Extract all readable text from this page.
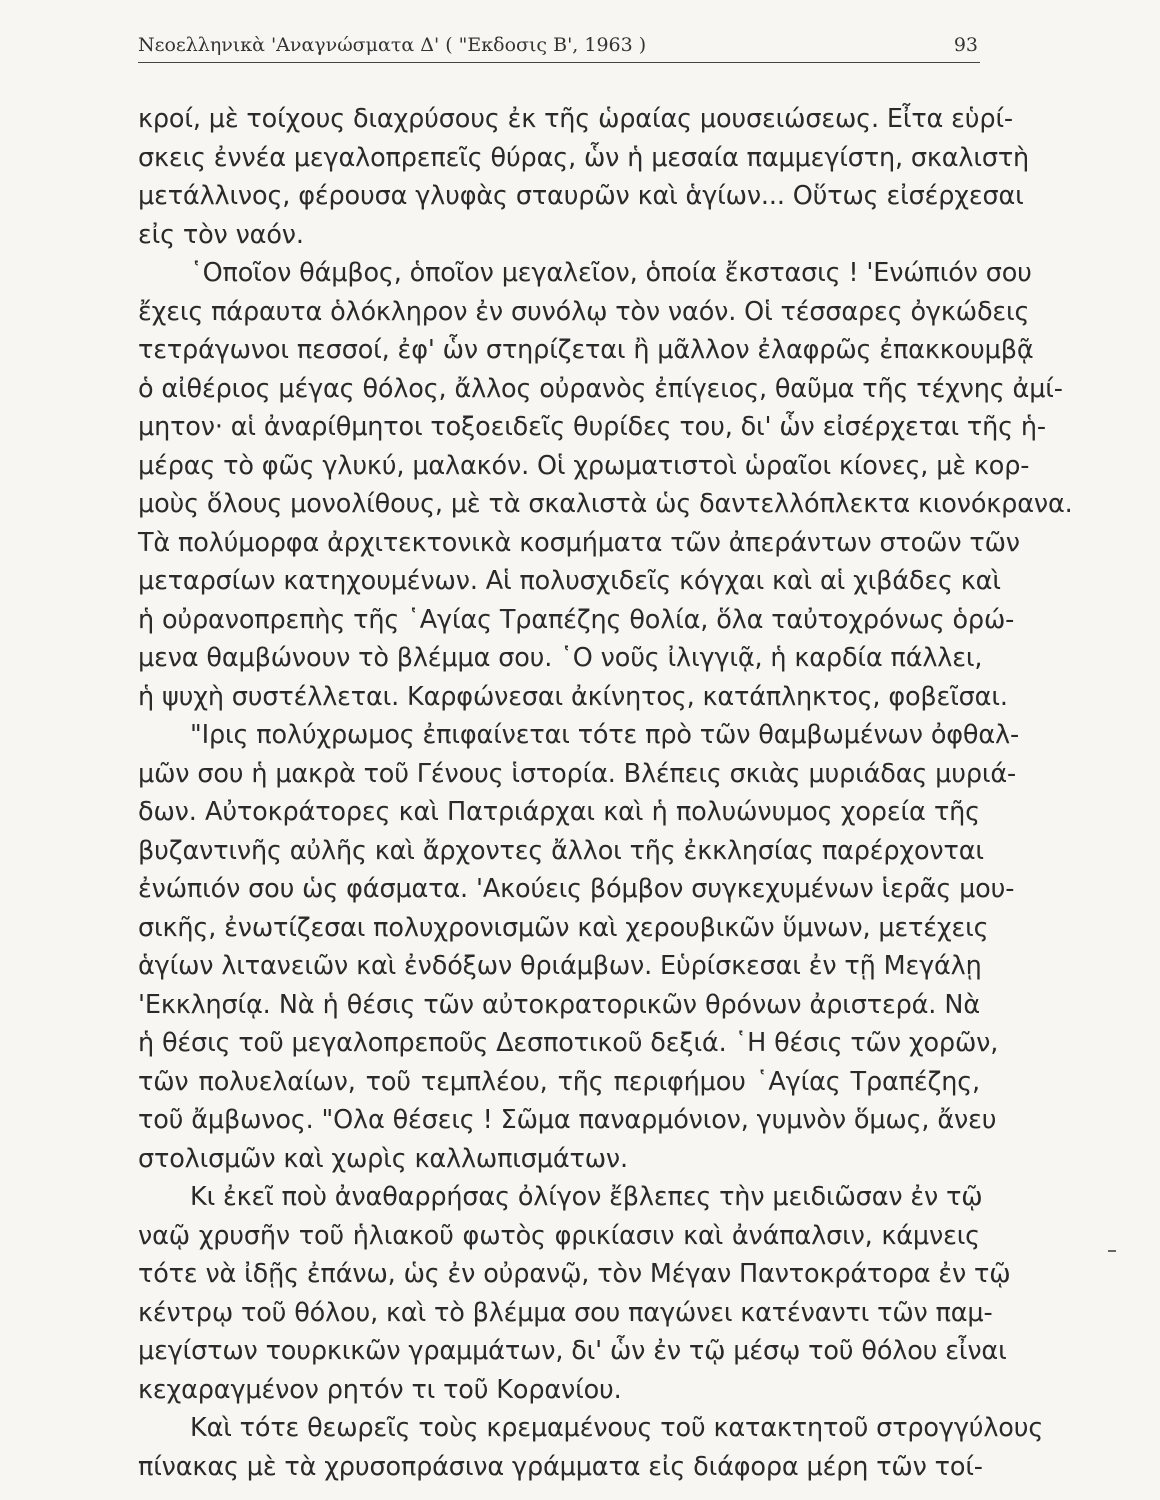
Νεοελληνικὰ 'Αναγνώσματα Δ' ( "Εκδοσις Β', 1963 )	93

κροί, μὲ τοίχους διαχρύσους ἐκ τῆς ὡραίας μουσειώσεως. Εἶτα εὑρί-
σκεις ἐννέα μεγαλοπρεπεῖς θύρας, ὧν ἡ μεσαία παμμεγίστη, σκαλιστὴ
μετάλλινος, φέρουσα γλυφὰς σταυρῶν καὶ ἁγίων... Οὕτως εἰσέρχεσαι
εἰς τὸν ναόν.

῾Οποῖον θάμβος, ὁποῖον μεγαλεῖον, ὁποία ἔκστασις ! 'Ενώπιόν σου
ἔχεις πάραυτα ὁλόκληρον ἐν συνόλῳ τὸν ναόν. Οἱ τέσσαρες ὀγκώδεις
τετράγωνοι πεσσοί, ἐφ' ὧν στηρίζεται ἢ μᾶλλον ἐλαφρῶς ἐπακκουμβᾷ
ὁ αἰθέριος μέγας θόλος, ἄλλος οὐρανὸς ἐπίγειος, θαῦμα τῆς τέχνης ἀμί-
μητον· αἱ ἀναρίθμητοι τοξοειδεῖς θυρίδες του, δι' ὧν εἰσέρχεται τῆς ἡ-
μέρας τὸ φῶς γλυκύ, μαλακόν. Οἱ χρωματιστοὶ ὡραῖοι κίονες, μὲ κορ-
μοὺς ὅλους μονολίθους, μὲ τὰ σκαλιστὰ ὡς δαντελλόπλεκτα κιονόκρανα.
Τὰ πολύμορφα ἀρχιτεκτονικὰ κοσμήματα τῶν ἀπεράντων στοῶν τῶν
μεταρσίων κατηχουμένων. Αἱ πολυσχιδεῖς κόγχαι καὶ αἱ χιβάδες καὶ
ἡ οὐρανοπρεπὴς τῆς ῾Αγίας Τραπέζης θολία, ὅλα ταὐτοχρόνως ὁρώ-
μενα θαμβώνουν τὸ βλέμμα σου. ῾Ο νοῦς ἰλιγγιᾷ, ἡ καρδία πάλλει,
ἡ ψυχὴ συστέλλεται. Καρφώνεσαι ἀκίνητος, κατάπληκτος, φοβεῖσαι.
"Ιρις πολύχρωμος ἐπιφαίνεται τότε πρὸ τῶν θαμβωμένων ὀφθαλ-
μῶν σου ἡ μακρὰ τοῦ Γένους ἱστορία. Βλέπεις σκιὰς μυριάδας μυριά-
δων. Αὐτοκράτορες καὶ Πατριάρχαι καὶ ἡ πολυώνυμος χορεία τῆς
βυζαντινῆς αὐλῆς καὶ ἄρχοντες ἄλλοι τῆς ἐκκλησίας παρέρχονται
ἐνώπιόν σου ὡς φάσματα. 'Ακούεις βόμβον συγκεχυμένων ἱερᾶς μου-
σικῆς, ἐνωτίζεσαι πολυχρονισμῶν καὶ χερουβικῶν ὕμνων, μετέχεις
ἁγίων λιτανειῶν καὶ ἐνδόξων θριάμβων. Εὑρίσκεσαι ἐν τῇ Μεγάλῃ
'Εκκλησίᾳ. Νὰ ἡ θέσις τῶν αὐτοκρατορικῶν θρόνων ἀριστερά. Νὰ
ἡ θέσις τοῦ μεγαλοπρεποῦς Δεσποτικοῦ δεξιά. ῾Η θέσις τῶν χορῶν,
τῶν πολυελαίων, τοῦ τεμπλέου, τῆς περιφήμου ῾Αγίας Τραπέζης,
τοῦ ἄμβωνος. "Ολα θέσεις ! Σῶμα παναρμόνιον, γυμνὸν ὅμως, ἄνευ
στολισμῶν καὶ χωρὶς καλλωπισμάτων.

Κι ἐκεῖ ποὺ ἀναθαρρήσας ὀλίγον ἔβλεπες τὴν μειδιῶσαν ἐν τῷ
ναῷ χρυσῆν τοῦ ἡλιακοῦ φωτὸς φρικίασιν καὶ ἀνάπαλσιν, κάμνεις
τότε νὰ ἰδῇς ἐπάνω, ὡς ἐν οὐρανῷ, τὸν Μέγαν Παντοκράτορα ἐν τῷ
κέντρῳ τοῦ θόλου, καὶ τὸ βλέμμα σου παγώνει κατέναντι τῶν παμ-
μεγίστων τουρκικῶν γραμμάτων, δι' ὧν ἐν τῷ μέσῳ τοῦ θόλου εἶναι
κεχαραγμένον ρητόν τι τοῦ Κορανίου.

Καὶ τότε θεωρεῖς τοὺς κρεμαμένους τοῦ κατακτητοῦ στρογγύλους
πίνακας μὲ τὰ χρυσοπράσινα γράμματα εἰς διάφορα μέρη τῶν τοί-
